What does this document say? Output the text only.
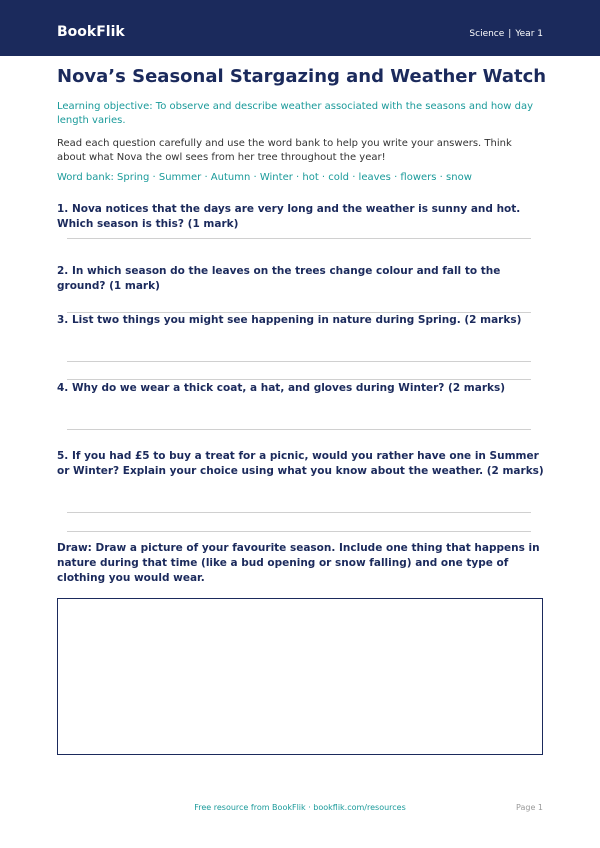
BookFlik	Science | Year 1
Nova’s Seasonal Stargazing and Weather Watch

Learning objective: To observe and describe weather associated with the seasons and how day length varies.

Read each question carefully and use the word bank to help you write your answers. Think about what Nova the owl sees from her tree throughout the year!

Word bank: Spring · Summer · Autumn · Winter · hot · cold · leaves · flowers · snow

1. Nova notices that the days are very long and the weather is sunny and hot. Which season is this? (1 mark)

2. In which season do the leaves on the trees change colour and fall to the ground? (1 mark)

3. List two things you might see happening in nature during Spring. (2 marks)

4. Why do we wear a thick coat, a hat, and gloves during Winter? (2 marks)

5. If you had £5 to buy a treat for a picnic, would you rather have one in Summer or Winter? Explain your choice using what you know about the weather. (2 marks)

Draw: Draw a picture of your favourite season. Include one thing that happens in nature during that time (like a bud opening or snow falling) and one type of clothing you would wear.

Free resource from BookFlik · bookflik.com/resources	Page 1
